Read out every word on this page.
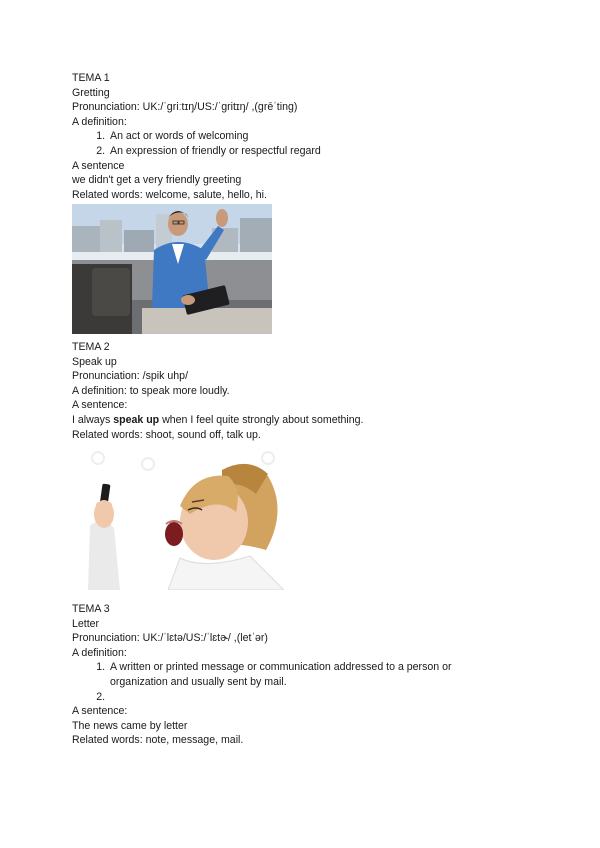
TEMA 1
Gretting
Pronunciation: UK:/ˈɡriːtɪŋ/US:/ˈɡritɪŋ/ ,(grēˈting)
A definition:
1. An act or words of welcoming
2. An expression of friendly or respectful regard
A sentence
we didn't get a very friendly greeting
Related words: welcome, salute, hello, hi.
TEMA 2
Speak up
Pronunciation: /spik uhp/
A definition: to speak more loudly.
A sentence:
I always speak up when I feel quite strongly about something.
Related words: shoot, sound off, talk up.
TEMA 3
Letter
Pronunciation: UK:/ˈlɛtə/US:/ˈlɛtɚ/ ,(letˈər)
A definition:
1. A written or printed message or communication addressed to a person or organization and usually sent by mail.
2.
A sentence:
The news came by letter
Related words: note, message, mail.
